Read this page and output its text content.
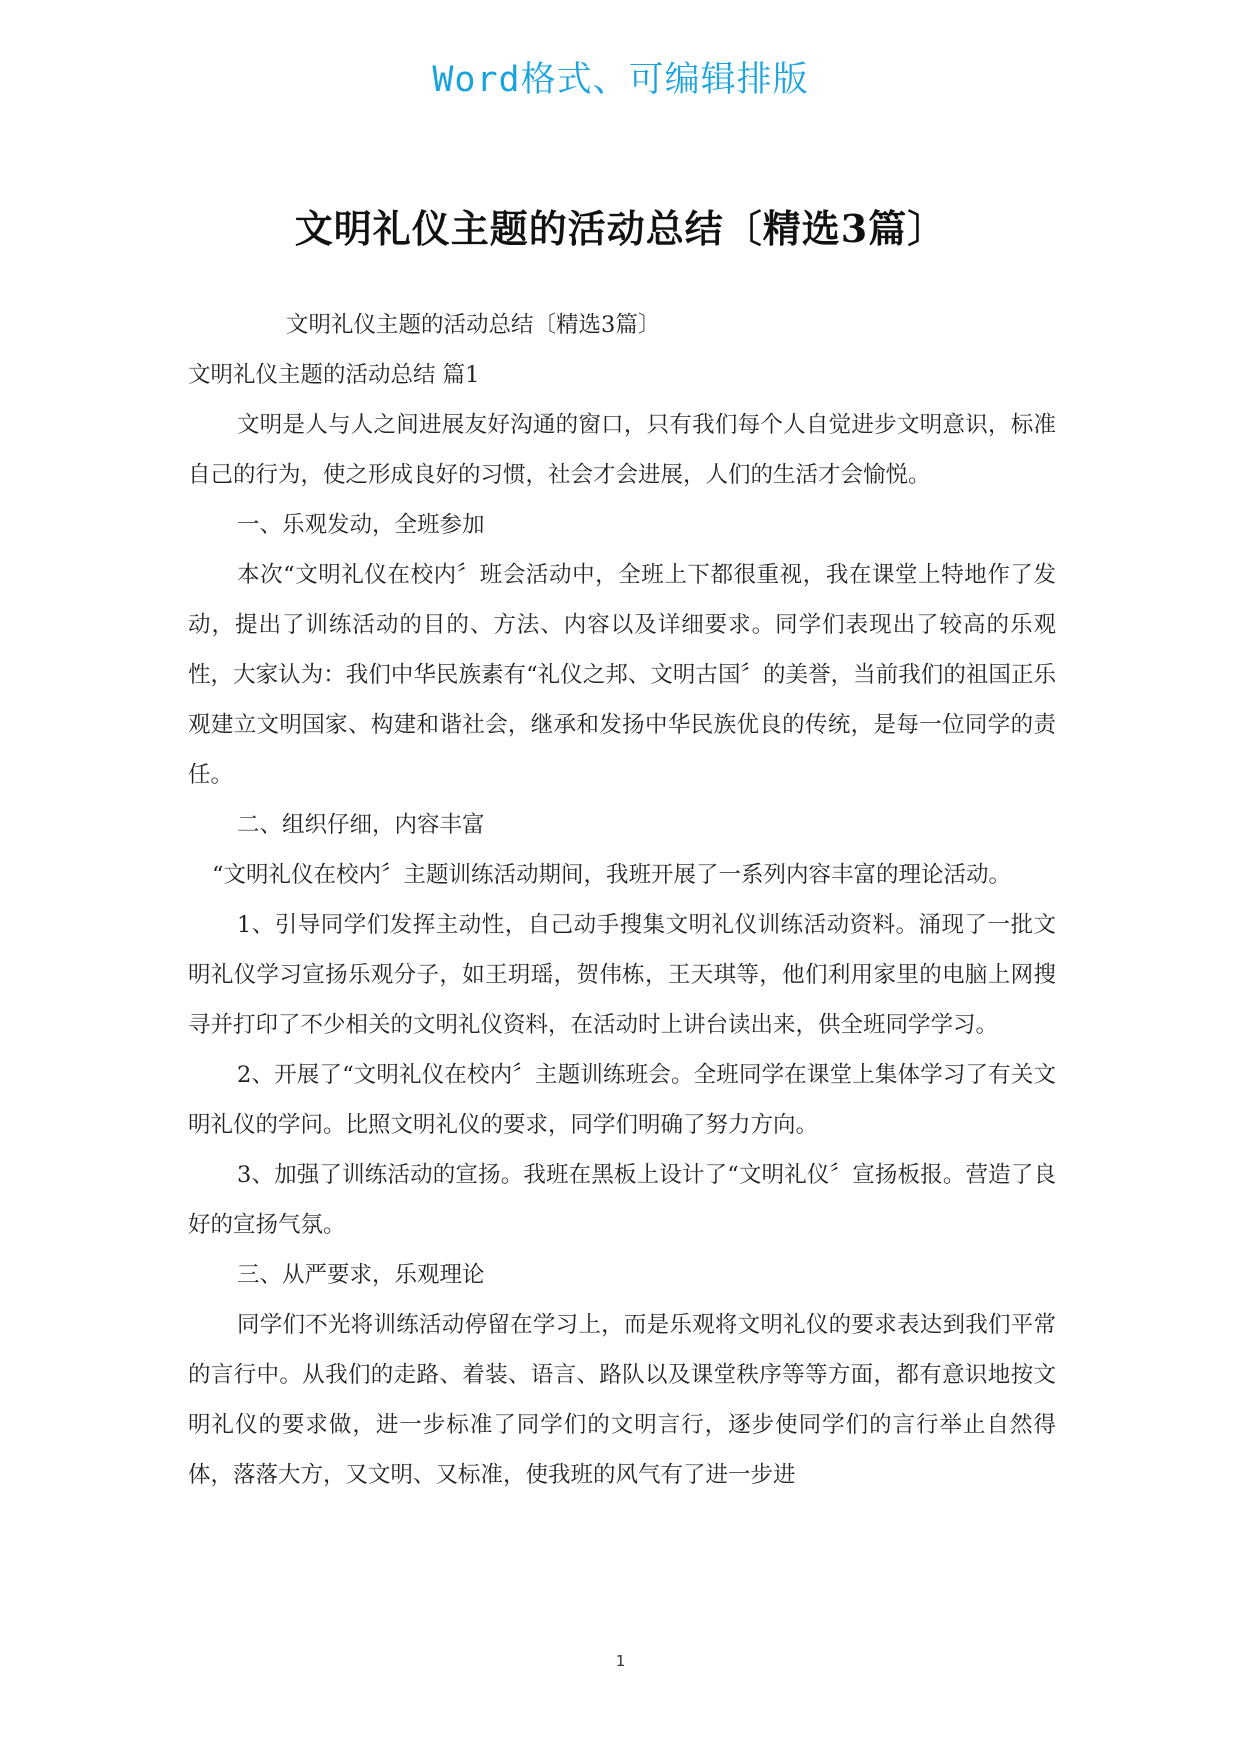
Word格式、可编辑排版
文明礼仪主题的活动总结〔精选3篇〕

文明礼仪主题的活动总结〔精选3篇〕

文明礼仪主题的活动总结 篇1

文明是人与人之间进展友好沟通的窗口，只有我们每个人自觉进步文明意识，标准自己的行为，使之形成良好的习惯，社会才会进展，人们的生活才会愉悦。

一、乐观发动，全班参加

本次“文明礼仪在校内〞班会活动中，全班上下都很重视，我在课堂上特地作了发动，提出了训练活动的目的、方法、内容以及详细要求。同学们表现出了较高的乐观性，大家认为：我们中华民族素有“礼仪之邦、文明古国〞的美誉，当前我们的祖国正乐观建立文明国家、构建和谐社会，继承和发扬中华民族优良的传统，是每一位同学的责任。

二、组织仔细，内容丰富

“文明礼仪在校内〞主题训练活动期间，我班开展了一系列内容丰富的理论活动。

1、引导同学们发挥主动性，自己动手搜集文明礼仪训练活动资料。涌现了一批文明礼仪学习宣扬乐观分子，如王玥瑶，贺伟栋，王天琪等，他们利用家里的电脑上网搜寻并打印了不少相关的文明礼仪资料，在活动时上讲台读出来，供全班同学学习。

2、开展了“文明礼仪在校内〞主题训练班会。全班同学在课堂上集体学习了有关文明礼仪的学问。比照文明礼仪的要求，同学们明确了努力方向。

3、加强了训练活动的宣扬。我班在黑板上设计了“文明礼仪〞宣扬板报。营造了良好的宣扬气氛。

三、从严要求，乐观理论

同学们不光将训练活动停留在学习上，而是乐观将文明礼仪的要求表达到我们平常的言行中。从我们的走路、着装、语言、路队以及课堂秩序等等方面，都有意识地按文明礼仪的要求做，进一步标准了同学们的文明言行，逐步使同学们的言行举止自然得体，落落大方，又文明、又标准，使我班的风气有了进一步进

1
